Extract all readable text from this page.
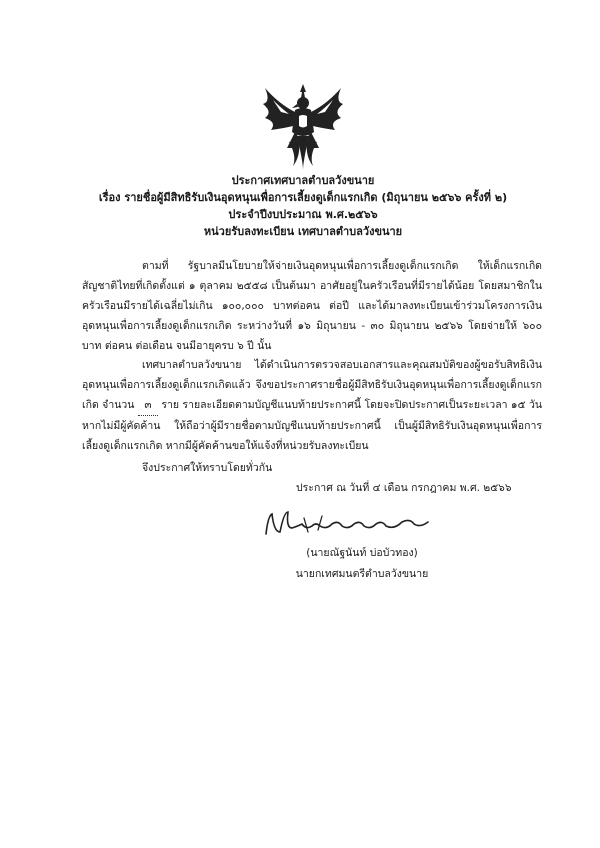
ประกาศเทศบาลตำบลวังขนาย
เรื่อง รายชื่อผู้มีสิทธิรับเงินอุดหนุนเพื่อการเลี้ยงดูเด็กแรกเกิด (มิถุนายน ๒๕๖๖ ครั้งที่ ๒)
ประจำปีงบประมาณ พ.ศ.๒๕๖๖
หน่วยรับลงทะเบียน เทศบาลตำบลวังขนาย
ตามที่ รัฐบาลมีนโยบายให้จ่ายเงินอุดหนุนเพื่อการเลี้ยงดูเด็กแรกเกิด ให้เด็กแรกเกิดสัญชาติไทยที่เกิดตั้งแต่ ๑ ตุลาคม ๒๕๕๘ เป็นต้นมา อาศัยอยู่ในครัวเรือนที่มีรายได้น้อย โดยสมาชิกในครัวเรือนมีรายได้เฉลี่ยไม่เกิน ๑๐๐,๐๐๐ บาทต่อคน ต่อปี และได้มาลงทะเบียนเข้าร่วมโครงการเงินอุดหนุนเพื่อการเลี้ยงดูเด็กแรกเกิด ระหว่างวันที่ ๑๖ มิถุนายน - ๓๐ มิถุนายน ๒๕๖๖ โดยจ่ายให้ ๖๐๐ บาท ต่อคน ต่อเดือน จนมีอายุครบ ๖ ปี นั้น
เทศบาลตำบลวังขนาย ได้ดำเนินการตรวจสอบเอกสารและคุณสมบัติของผู้ขอรับสิทธิเงินอุดหนุนเพื่อการเลี้ยงดูเด็กแรกเกิดแล้ว จึงขอประกาศรายชื่อผู้มีสิทธิรับเงินอุดหนุนเพื่อการเลี้ยงดูเด็กแรกเกิด จำนวน ๓ ราย รายละเอียดตามบัญชีแนบท้ายประกาศนี้ โดยจะปิดประกาศเป็นระยะเวลา ๑๕ วัน หากไม่มีผู้คัดค้าน ให้ถือว่าผู้มีรายชื่อตามบัญชีแนบท้ายประกาศนี้ เป็นผู้มีสิทธิรับเงินอุดหนุนเพื่อการเลี้ยงดูเด็กแรกเกิด หากมีผู้คัดค้านขอให้แจ้งที่หน่วยรับลงทะเบียน
จึงประกาศให้ทราบโดยทั่วกัน
ประกาศ ณ วันที่ ๔ เดือน กรกฎาคม พ.ศ. ๒๕๖๖
(นายณัฐนันท์ บ่อบัวทอง)
นายกเทศมนตรีตำบลวังขนาย
